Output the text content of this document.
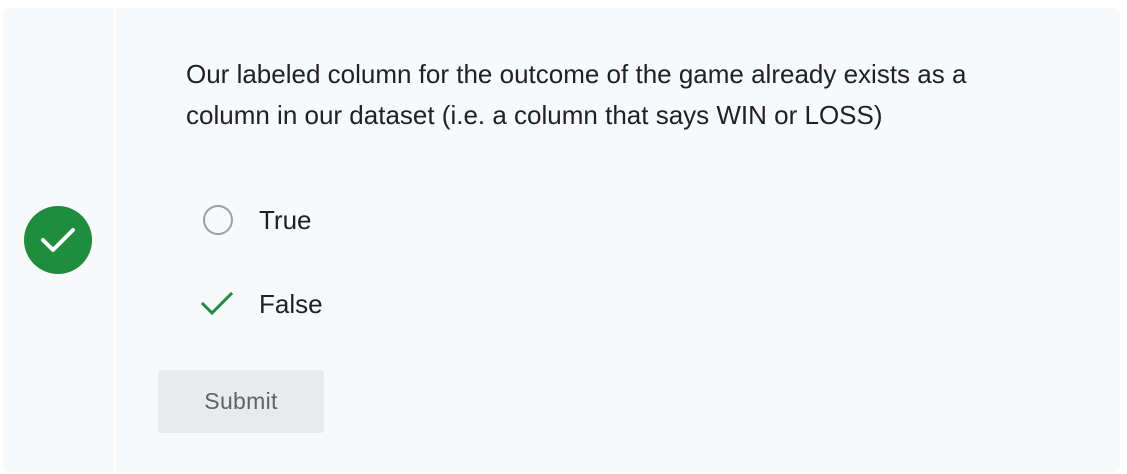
Our labeled column for the outcome of the game already exists as a
column in our dataset (i.e. a column that says WIN or LOSS)

True
False
Submit
